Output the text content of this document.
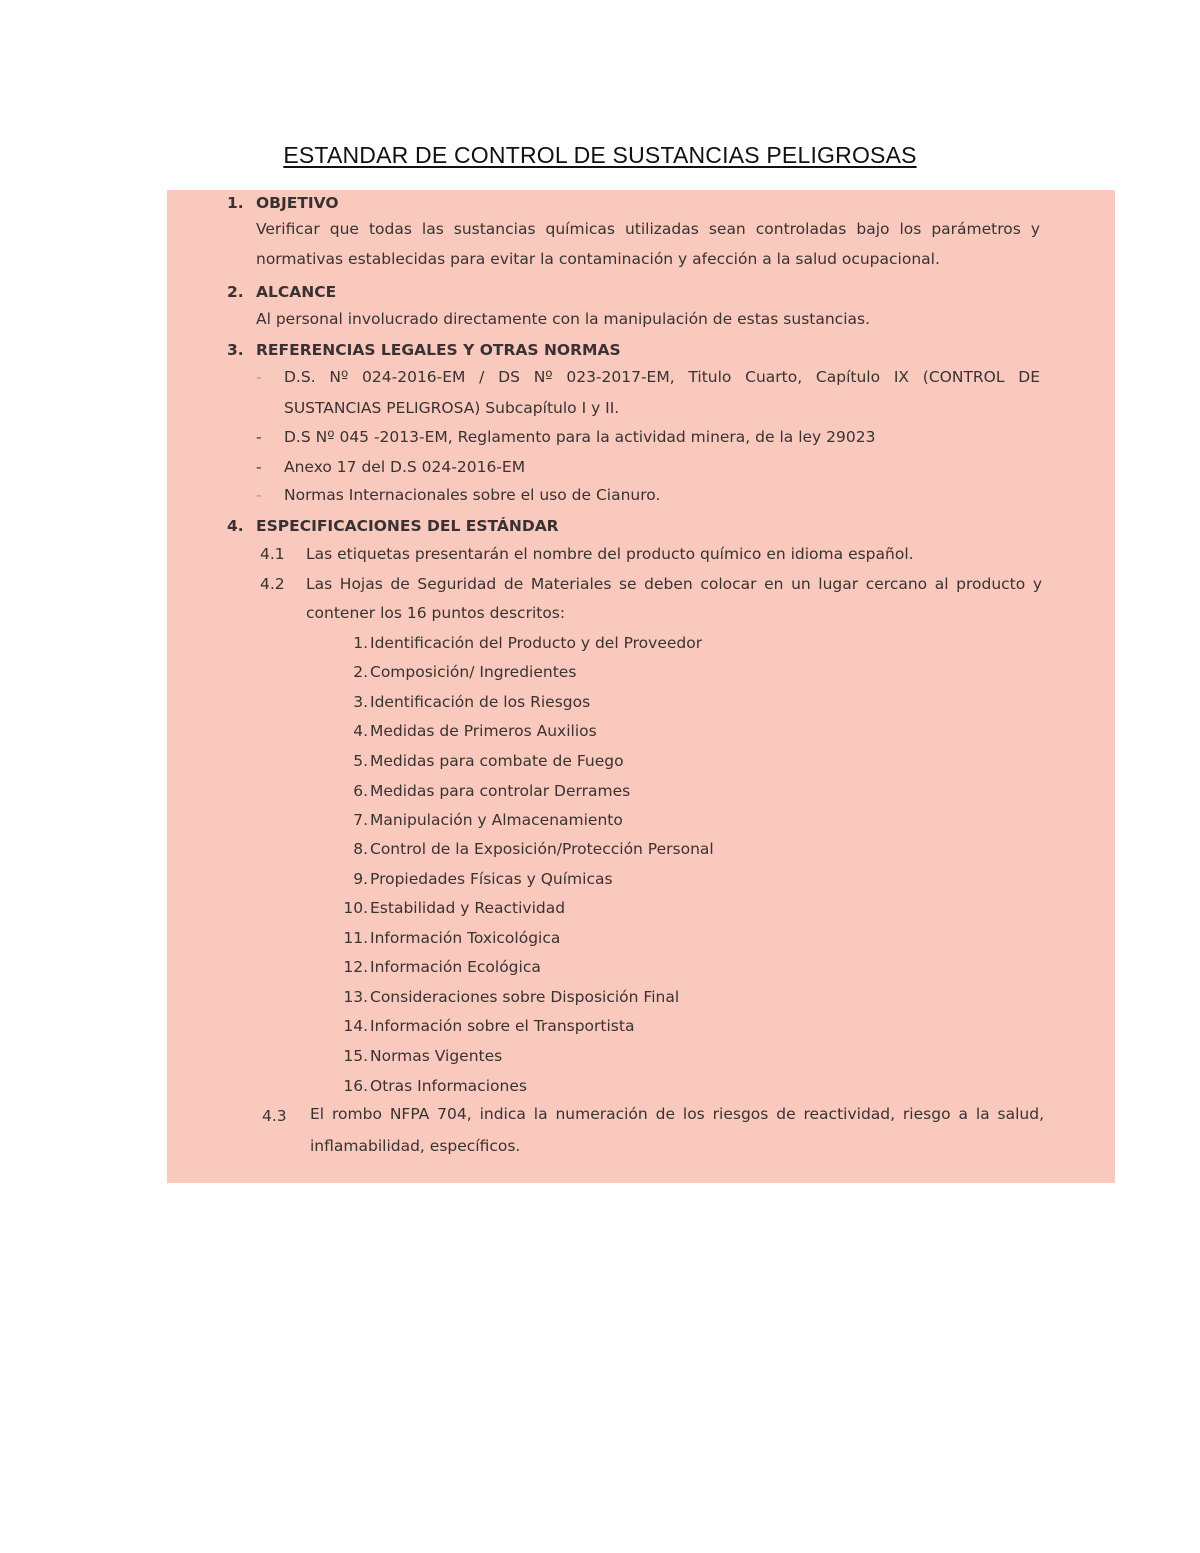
ESTANDAR DE CONTROL DE SUSTANCIAS PELIGROSAS
1. OBJETIVO
Verificar que todas las sustancias químicas utilizadas sean controladas bajo los parámetros y
normativas establecidas para evitar la contaminación y afección a la salud ocupacional.
2. ALCANCE
Al personal involucrado directamente con la manipulación de estas sustancias.
3. REFERENCIAS LEGALES Y OTRAS NORMAS
- D.S. Nº 024-2016-EM / DS Nº 023-2017-EM, Titulo Cuarto, Capítulo IX (CONTROL DE
SUSTANCIAS PELIGROSA) Subcapítulo I y II.
- D.S Nº 045 -2013-EM, Reglamento para la actividad minera, de la ley 29023
- Anexo 17 del D.S 024-2016-EM
- Normas Internacionales sobre el uso de Cianuro.
4. ESPECIFICACIONES DEL ESTÁNDAR
4.1 Las etiquetas presentarán el nombre del producto químico en idioma español.
4.2 Las Hojas de Seguridad de Materiales se deben colocar en un lugar cercano al producto y
contener los 16 puntos descritos:
1. Identificación del Producto y del Proveedor
2. Composición/ Ingredientes
3. Identificación de los Riesgos
4. Medidas de Primeros Auxilios
5. Medidas para combate de Fuego
6. Medidas para controlar Derrames
7. Manipulación y Almacenamiento
8. Control de la Exposición/Protección Personal
9. Propiedades Físicas y Químicas
10. Estabilidad y Reactividad
11. Información Toxicológica
12. Información Ecológica
13. Consideraciones sobre Disposición Final
14. Información sobre el Transportista
15. Normas Vigentes
16. Otras Informaciones
4.3 El rombo NFPA 704, indica la numeración de los riesgos de reactividad, riesgo a la salud,
inflamabilidad, específicos.
